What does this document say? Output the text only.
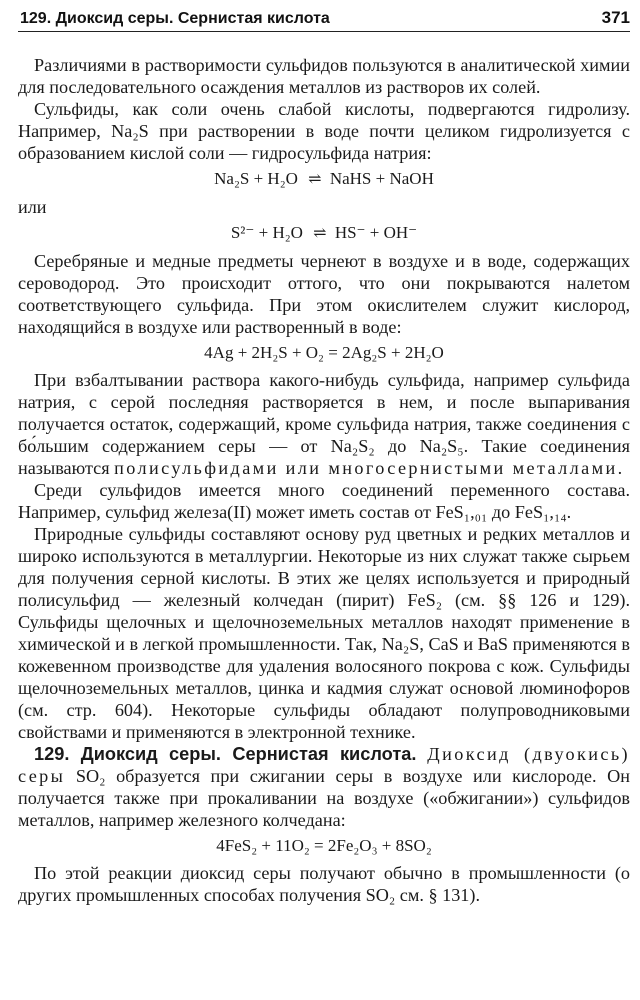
129. Диоксид серы. Сернистая кислота	371

Различиями в растворимости сульфидов пользуются в аналитической химии для последовательного осаждения металлов из растворов их солей.

Сульфиды, как соли очень слабой кислоты, подвергаются гидролизу. Например, Na₂S при растворении в воде почти целиком гидролизуется с образованием кислой соли — гидросульфида натрия:

Na₂S + H₂O ⇌ NaHS + NaOH

или

S²⁻ + H₂O ⇌ HS⁻ + OH⁻

Серебряные и медные предметы чернеют в воздухе и в воде, содержащих сероводород. Это происходит оттого, что они покрываются налетом соответствующего сульфида. При этом окислителем служит кислород, находящийся в воздухе или растворенный в воде:

4Ag + 2H₂S + O₂ = 2Ag₂S + 2H₂O

При взбалтывании раствора какого-нибудь сульфида, например сульфида натрия, с серой последняя растворяется в нем, и после выпаривания получается остаток, содержащий, кроме сульфида натрия, также соединения с бо́льшим содержанием серы — от Na₂S₂ до Na₂S₅. Такие соединения называются полисульфидами или многосернистыми металлами.

Среди сульфидов имеется много соединений переменного состава. Например, сульфид железа(II) может иметь состав от FeS₁,₀₁ до FeS₁,₁₄.

Природные сульфиды составляют основу руд цветных и редких металлов и широко используются в металлургии. Некоторые из них служат также сырьем для получения серной кислоты. В этих же целях используется и природный полисульфид — железный колчедан (пирит) FeS₂ (см. §§ 126 и 129). Сульфиды щелочных и щелочноземельных металлов находят применение в химической и в легкой промышленности. Так, Na₂S, CaS и BaS применяются в кожевенном производстве для удаления волосяного покрова с кож. Сульфиды щелочноземельных металлов, цинка и кадмия служат основой люминофоров (см. стр. 604). Некоторые сульфиды обладают полупроводниковыми свойствами и применяются в электронной технике.

129. Диоксид серы. Сернистая кислота. Диоксид (двуокись) серы SO₂ образуется при сжигании серы в воздухе или кислороде. Он получается также при прокаливании на воздухе («обжигании») сульфидов металлов, например железного колчедана:

4FeS₂ + 11O₂ = 2Fe₂O₃ + 8SO₂

По этой реакции диоксид серы получают обычно в промышленности (о других промышленных способах получения SO₂ см. § 131).
